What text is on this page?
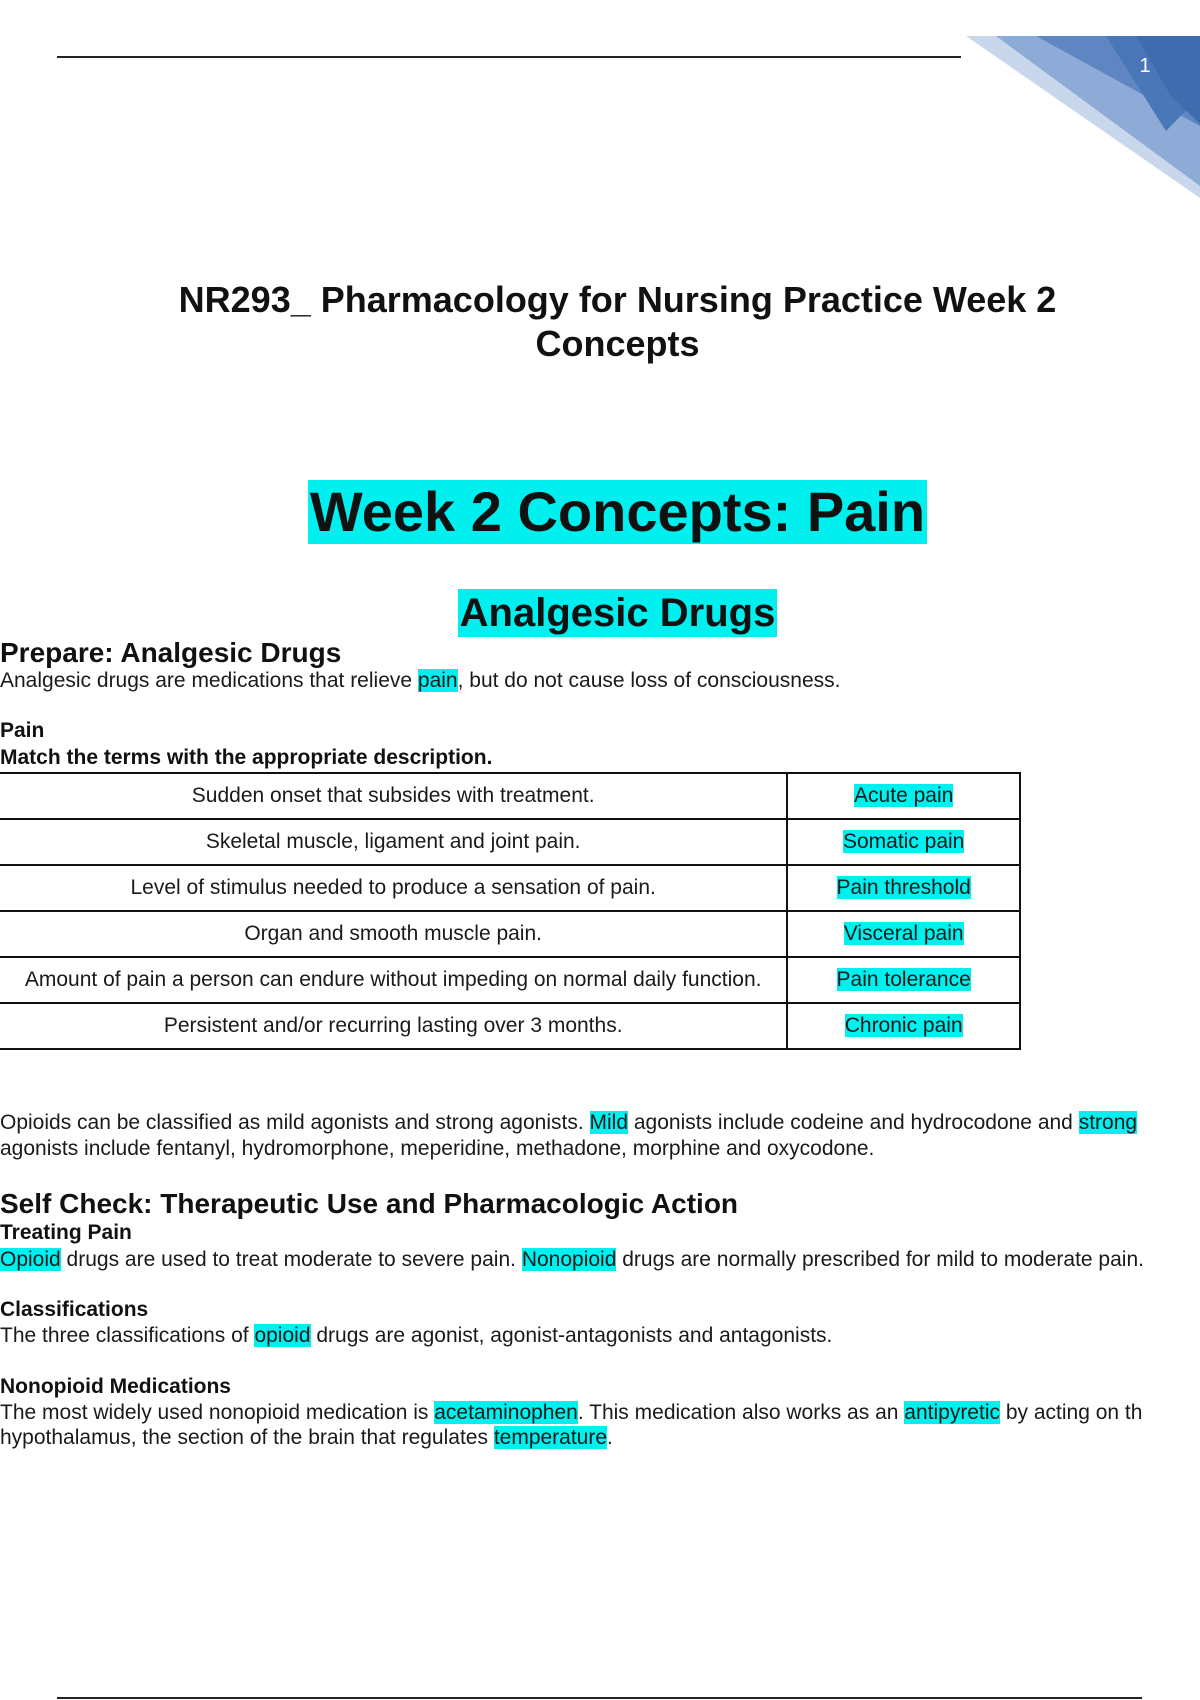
1
NR293_ Pharmacology for Nursing Practice Week 2 Concepts
Week 2 Concepts: Pain
Analgesic Drugs
Prepare: Analgesic Drugs
Analgesic drugs are medications that relieve pain, but do not cause loss of consciousness.
Pain
Match the terms with the appropriate description.
Sudden onset that subsides with treatment.	Acute pain
Skeletal muscle, ligament and joint pain.	Somatic pain
Level of stimulus needed to produce a sensation of pain.	Pain threshold
Organ and smooth muscle pain.	Visceral pain
Amount of pain a person can endure without impeding on normal daily function.	Pain tolerance
Persistent and/or recurring lasting over 3 months.	Chronic pain
Opioids can be classified as mild agonists and strong agonists. Mild agonists include codeine and hydrocodone and strong
agonists include fentanyl, hydromorphone, meperidine, methadone, morphine and oxycodone.
Self Check: Therapeutic Use and Pharmacologic Action
Treating Pain
Opioid drugs are used to treat moderate to severe pain. Nonopioid drugs are normally prescribed for mild to moderate pain.
Classifications
The three classifications of opioid drugs are agonist, agonist-antagonists and antagonists.
Nonopioid Medications
The most widely used nonopioid medication is acetaminophen. This medication also works as an antipyretic by acting on th
hypothalamus, the section of the brain that regulates temperature.
